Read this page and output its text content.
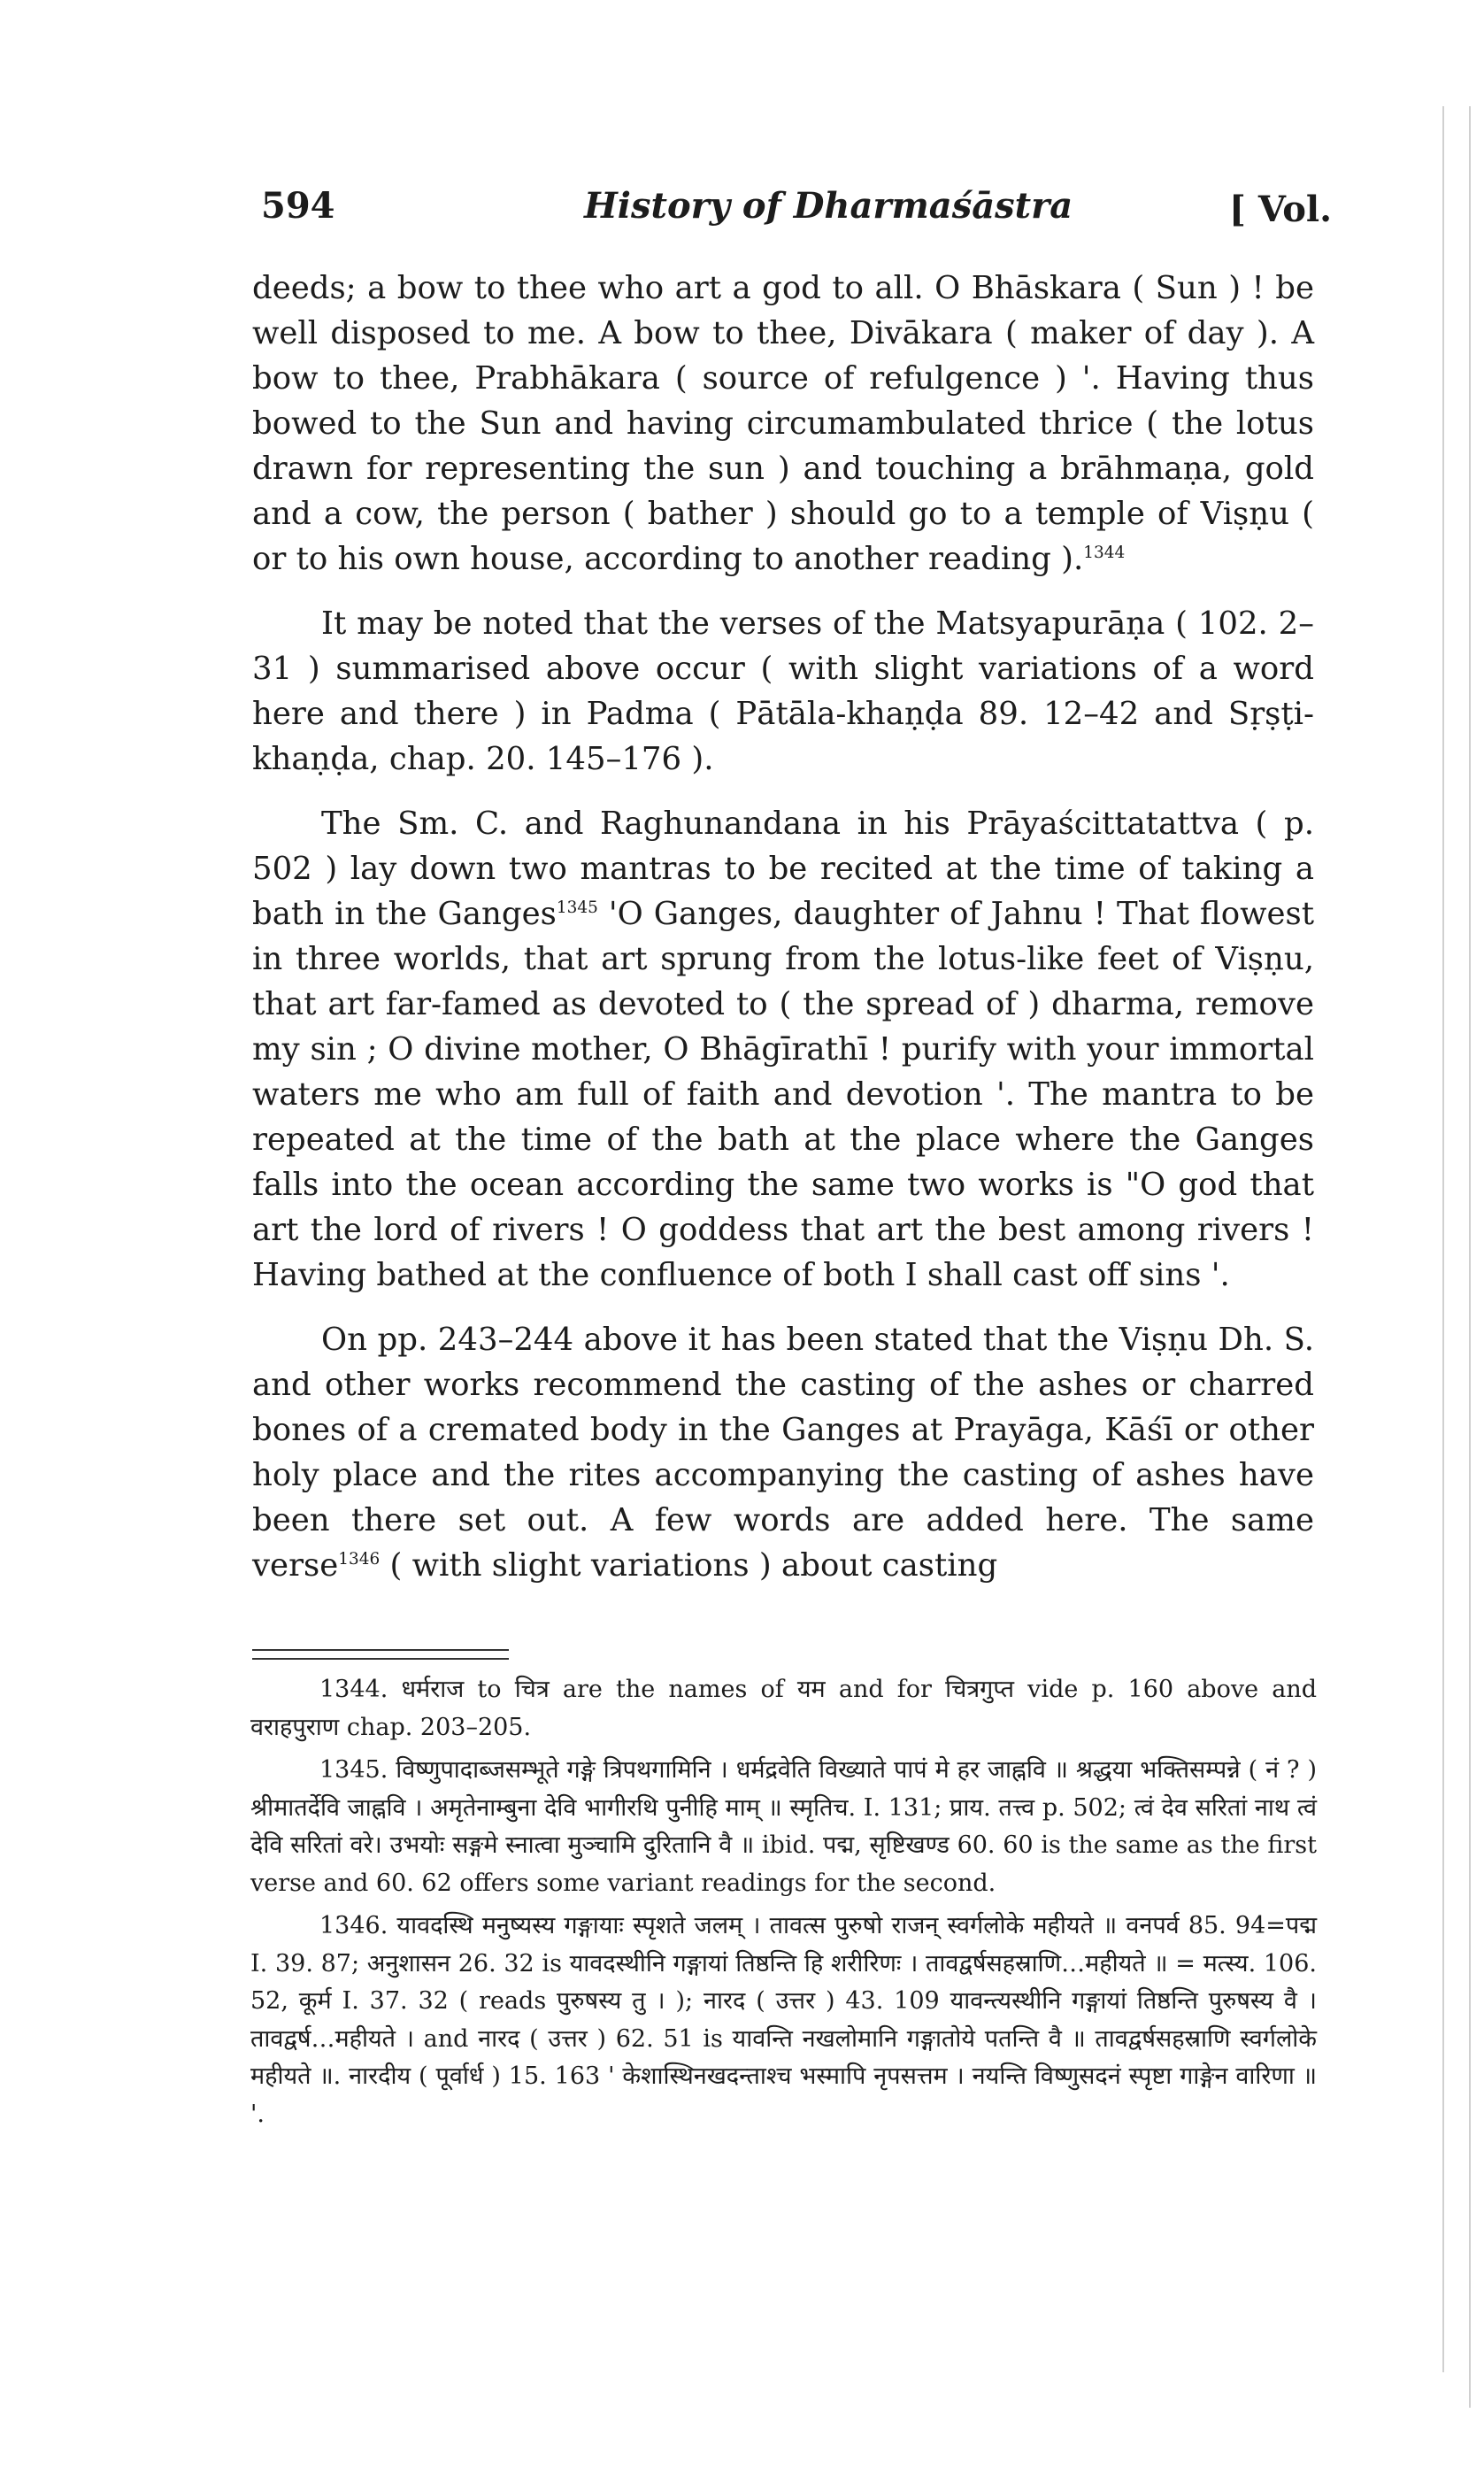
594	History of Dharmaśāstra	[ Vol.

deeds; a bow to thee who art a god to all. O Bhāskara ( Sun ) ! be well disposed to me. A bow to thee, Divākara ( maker of day ). A bow to thee, Prabhākara ( source of refulgence ) '. Having thus bowed to the Sun and having circumambulated thrice ( the lotus drawn for representing the sun ) and touching a brāhmaṇa, gold and a cow, the person ( bather ) should go to a temple of Viṣṇu ( or to his own house, according to another reading ).$^{1344}$

It may be noted that the verses of the Matsyapurāṇa ( 102. 2–31 ) summarised above occur ( with slight variations of a word here and there ) in Padma ( Pātāla-khaṇḍa 89. 12–42 and Sṛṣṭi-khaṇḍa, chap. 20. 145–176 ).

The Sm. C. and Raghunandana in his Prāyaścittatattva ( p. 502 ) lay down two mantras to be recited at the time of taking a bath in the Ganges$^{1345}$ 'O Ganges, daughter of Jahnu ! That flowest in three worlds, that art sprung from the lotus-like feet of Viṣṇu, that art far-famed as devoted to ( the spread of ) dharma, remove my sin ; O divine mother, O Bhāgīrathī ! purify with your immortal waters me who am full of faith and devotion '. The mantra to be repeated at the time of the bath at the place where the Ganges falls into the ocean according the same two works is "O god that art the lord of rivers ! O goddess that art the best among rivers ! Having bathed at the confluence of both I shall cast off sins '.

On pp. 243–244 above it has been stated that the Viṣṇu Dh. S. and other works recommend the casting of the ashes or charred bones of a cremated body in the Ganges at Prayāga, Kāśī or other holy place and the rites accompanying the casting of ashes have been there set out. A few words are added here. The same verse$^{1346}$ ( with slight variations ) about casting

1344. धर्मराज to चित्र are the names of यम and for चित्रगुप्त vide p. 160 above and वराहपुराण chap. 203–205.

1345. विष्णुपादाब्जसम्भूते गङ्गे त्रिपथगामिनि । धर्मद्रवेति विख्याते पापं मे हर जाह्नवि ॥ श्रद्धया भक्तिसम्पन्ने ( नं ? ) श्रीमातर्देवि जाह्नवि । अमृतेनाम्बुना देवि भागीरथि पुनीहि माम् ॥ स्मृतिच. I. 131; प्राय. तत्त्व p. 502; त्वं देव सरितां नाथ त्वं देवि सरितां वरे। उभयोः सङ्गमे स्नात्वा मुञ्चामि दुरितानि वै ॥ ibid. पद्म, सृष्टिखण्ड 60. 60 is the same as the first verse and 60. 62 offers some variant readings for the second.

1346. यावदस्थि मनुष्यस्य गङ्गायाः स्पृशते जलम् । तावत्स पुरुषो राजन् स्वर्गलोके महीयते ॥ वनपर्व 85. 94=पद्म I. 39. 87; अनुशासन 26. 32 is यावदस्थीनि गङ्गायां तिष्ठन्ति हि शरीरिणः । तावद्वर्षसहस्राणि…महीयते ॥ = मत्स्य. 106. 52, कूर्म I. 37. 32 ( reads पुरुषस्य तु । ); नारद ( उत्तर ) 43. 109 यावन्त्यस्थीनि गङ्गायां तिष्ठन्ति पुरुषस्य वै । तावद्वर्ष…महीयते । and नारद ( उत्तर ) 62. 51 is यावन्ति नखलोमानि गङ्गातोये पतन्ति वै ॥ तावद्वर्षसहस्राणि स्वर्गलोके महीयते ॥. नारदीय ( पूर्वार्ध ) 15. 163 ' केशास्थिनखदन्ताश्च भस्मापि नृपसत्तम । नयन्ति विष्णुसदनं स्पृष्टा गाङ्गेन वारिणा ॥ '.
